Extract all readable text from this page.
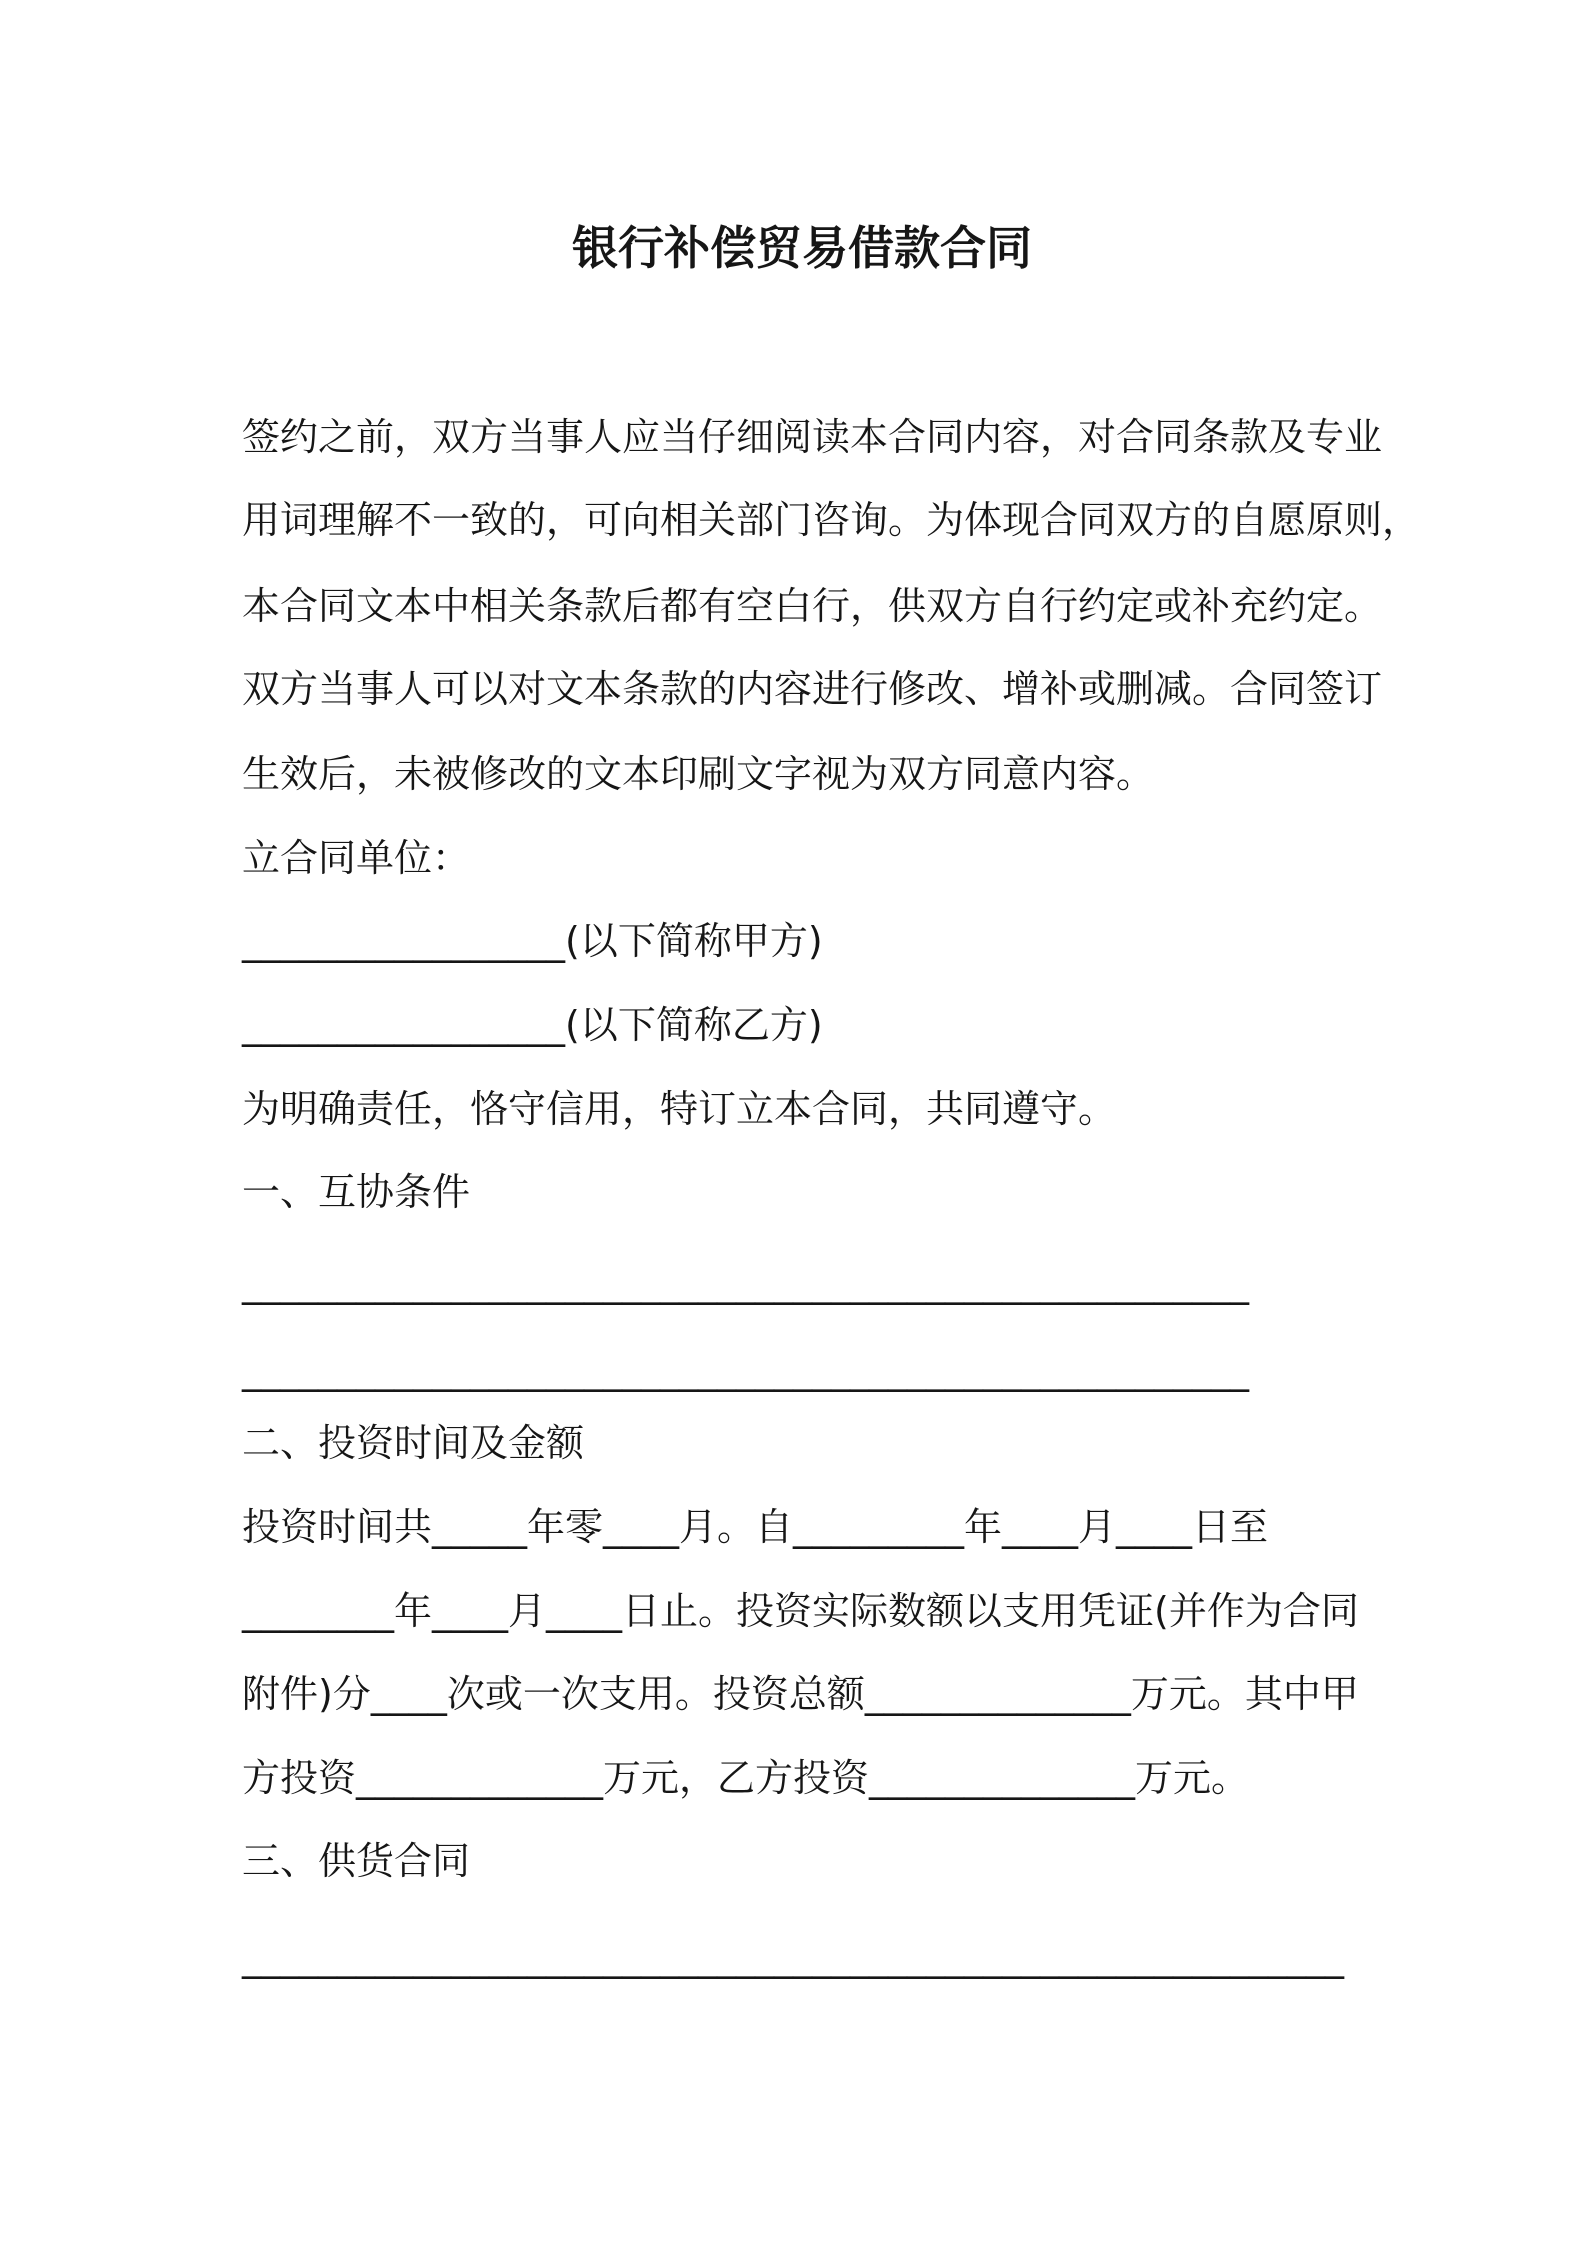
银行补偿贸易借款合同
签约之前，双方当事人应当仔细阅读本合同内容，对合同条款及专业
用词理解不一致的，可向相关部门咨询。为体现合同双方的自愿原则，
本合同文本中相关条款后都有空白行，供双方自行约定或补充约定。
双方当事人可以对文本条款的内容进行修改、增补或删减。合同签订
生效后，未被修改的文本印刷文字视为双方同意内容。
立合同单位：
_________________(以下简称甲方)
_________________(以下简称乙方)
为明确责任，恪守信用，特订立本合同，共同遵守。
一、互协条件
_____________________________________________________
_____________________________________________________
二、投资时间及金额
投资时间共_____年零____月。自_________年____月____日至
________年____月____日止。投资实际数额以支用凭证(并作为合同
附件)分____次或一次支用。投资总额______________万元。其中甲
方投资_____________万元，乙方投资______________万元。
三、供货合同
__________________________________________________________
